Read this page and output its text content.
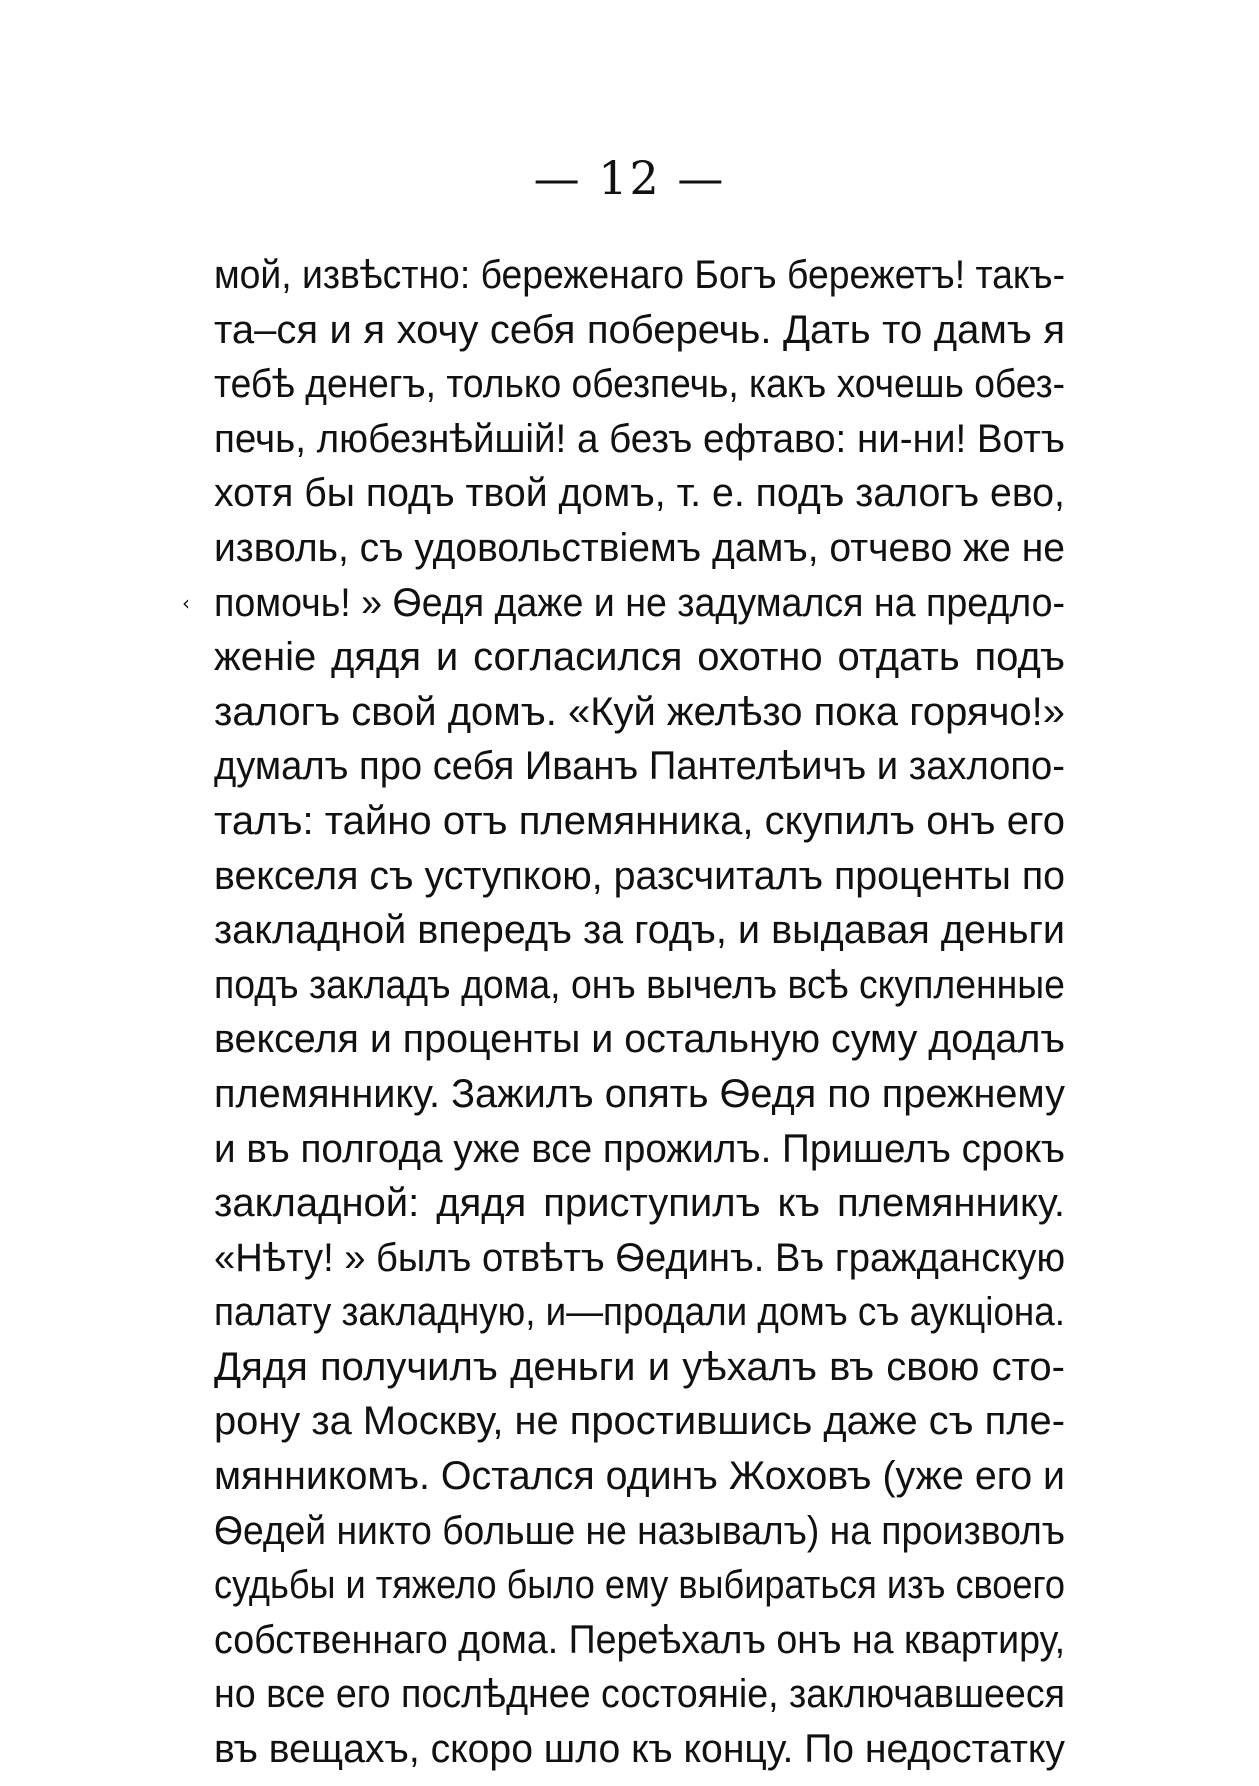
— 12 —
‹
мой, извѣстно: береженаго Богъ бережетъ! такъ-
та–ся и я хочу себя поберечь. Дать то дамъ я
тебѣ денегъ, только обезпечь, какъ хочешь обез-
печь, любезнѣйшій! а безъ ефтаво: ни-ни! Вотъ
хотя бы подъ твой домъ, т. е. подъ залогъ ево,
изволь, съ удовольствіемъ дамъ, отчево же не
помочь! » Ѳедя даже и не задумался на предло-
женіе дядя и согласился охотно отдать подъ
залогъ свой домъ. «Куй желѣзо пока горячо!»
думалъ про себя Иванъ Пантелѣичъ и захлопо-
талъ: тайно отъ племянника, скупилъ онъ его
векселя съ уступкою, разсчиталъ проценты по
закладной впередъ за годъ, и выдавая деньги
подъ закладъ дома, онъ вычелъ всѣ скупленные
векселя и проценты и остальную суму додалъ
племяннику. Зажилъ опять Ѳедя по прежнему
и въ полгода уже все прожилъ. Пришелъ срокъ
закладной: дядя приступилъ къ племяннику.
«Нѣту! » былъ отвѣтъ Ѳединъ. Въ гражданскую
палату закладную, и—продали домъ съ аукціона.
Дядя получилъ деньги и уѣхалъ въ свою сто-
рону за Москву, не простившись даже съ пле-
мянникомъ. Остался одинъ Жоховъ (уже его и
Ѳедей никто больше не называлъ) на произволъ
судьбы и тяжело было ему выбираться изъ своего
собственнаго дома. Переѣхалъ онъ на квартиру,
но все его послѣднее состояніе, заключавшееся
въ вещахъ, скоро шло къ концу. По недостатку
